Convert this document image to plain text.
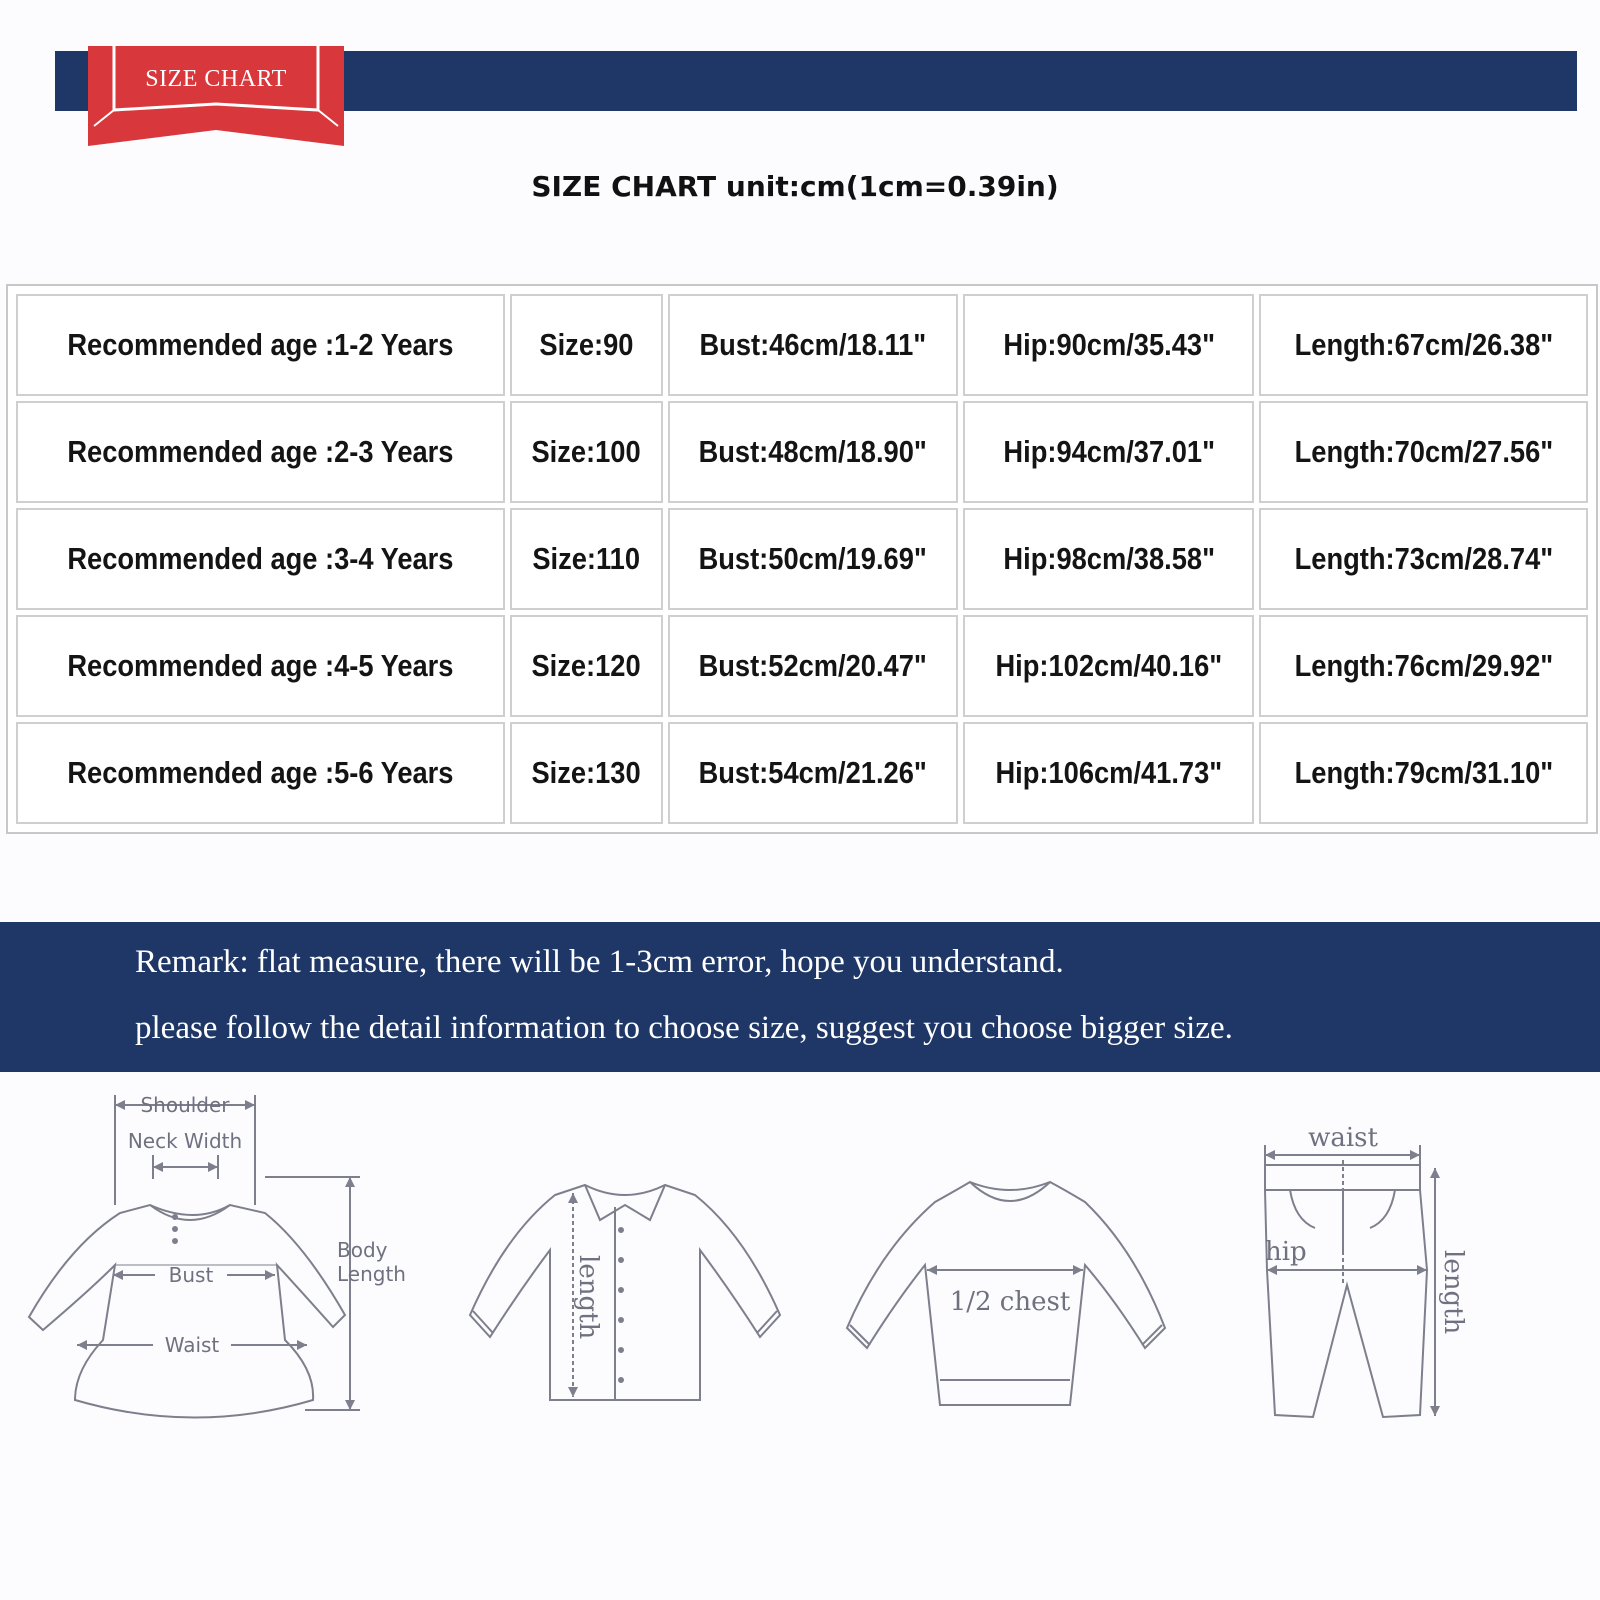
SIZE CHART
SIZE CHART unit:cm(1cm=0.39in)
Recommended age :1-2 Years	Size:90	Bust:46cm/18.11"	Hip:90cm/35.43"	Length:67cm/26.38"
Recommended age :2-3 Years	Size:100	Bust:48cm/18.90"	Hip:94cm/37.01"	Length:70cm/27.56"
Recommended age :3-4 Years	Size:110	Bust:50cm/19.69"	Hip:98cm/38.58"	Length:73cm/28.74"
Recommended age :4-5 Years	Size:120	Bust:52cm/20.47"	Hip:102cm/40.16"	Length:76cm/29.92"
Recommended age :5-6 Years	Size:130	Bust:54cm/21.26"	Hip:106cm/41.73"	Length:79cm/31.10"
Remark: flat measure, there will be 1-3cm error, hope you understand.
please follow the detail information to choose size, suggest you choose bigger size.
Shoulder
Neck Width
Bust
Waist
Body
Length	length	1/2 chest
waist
hip	length
